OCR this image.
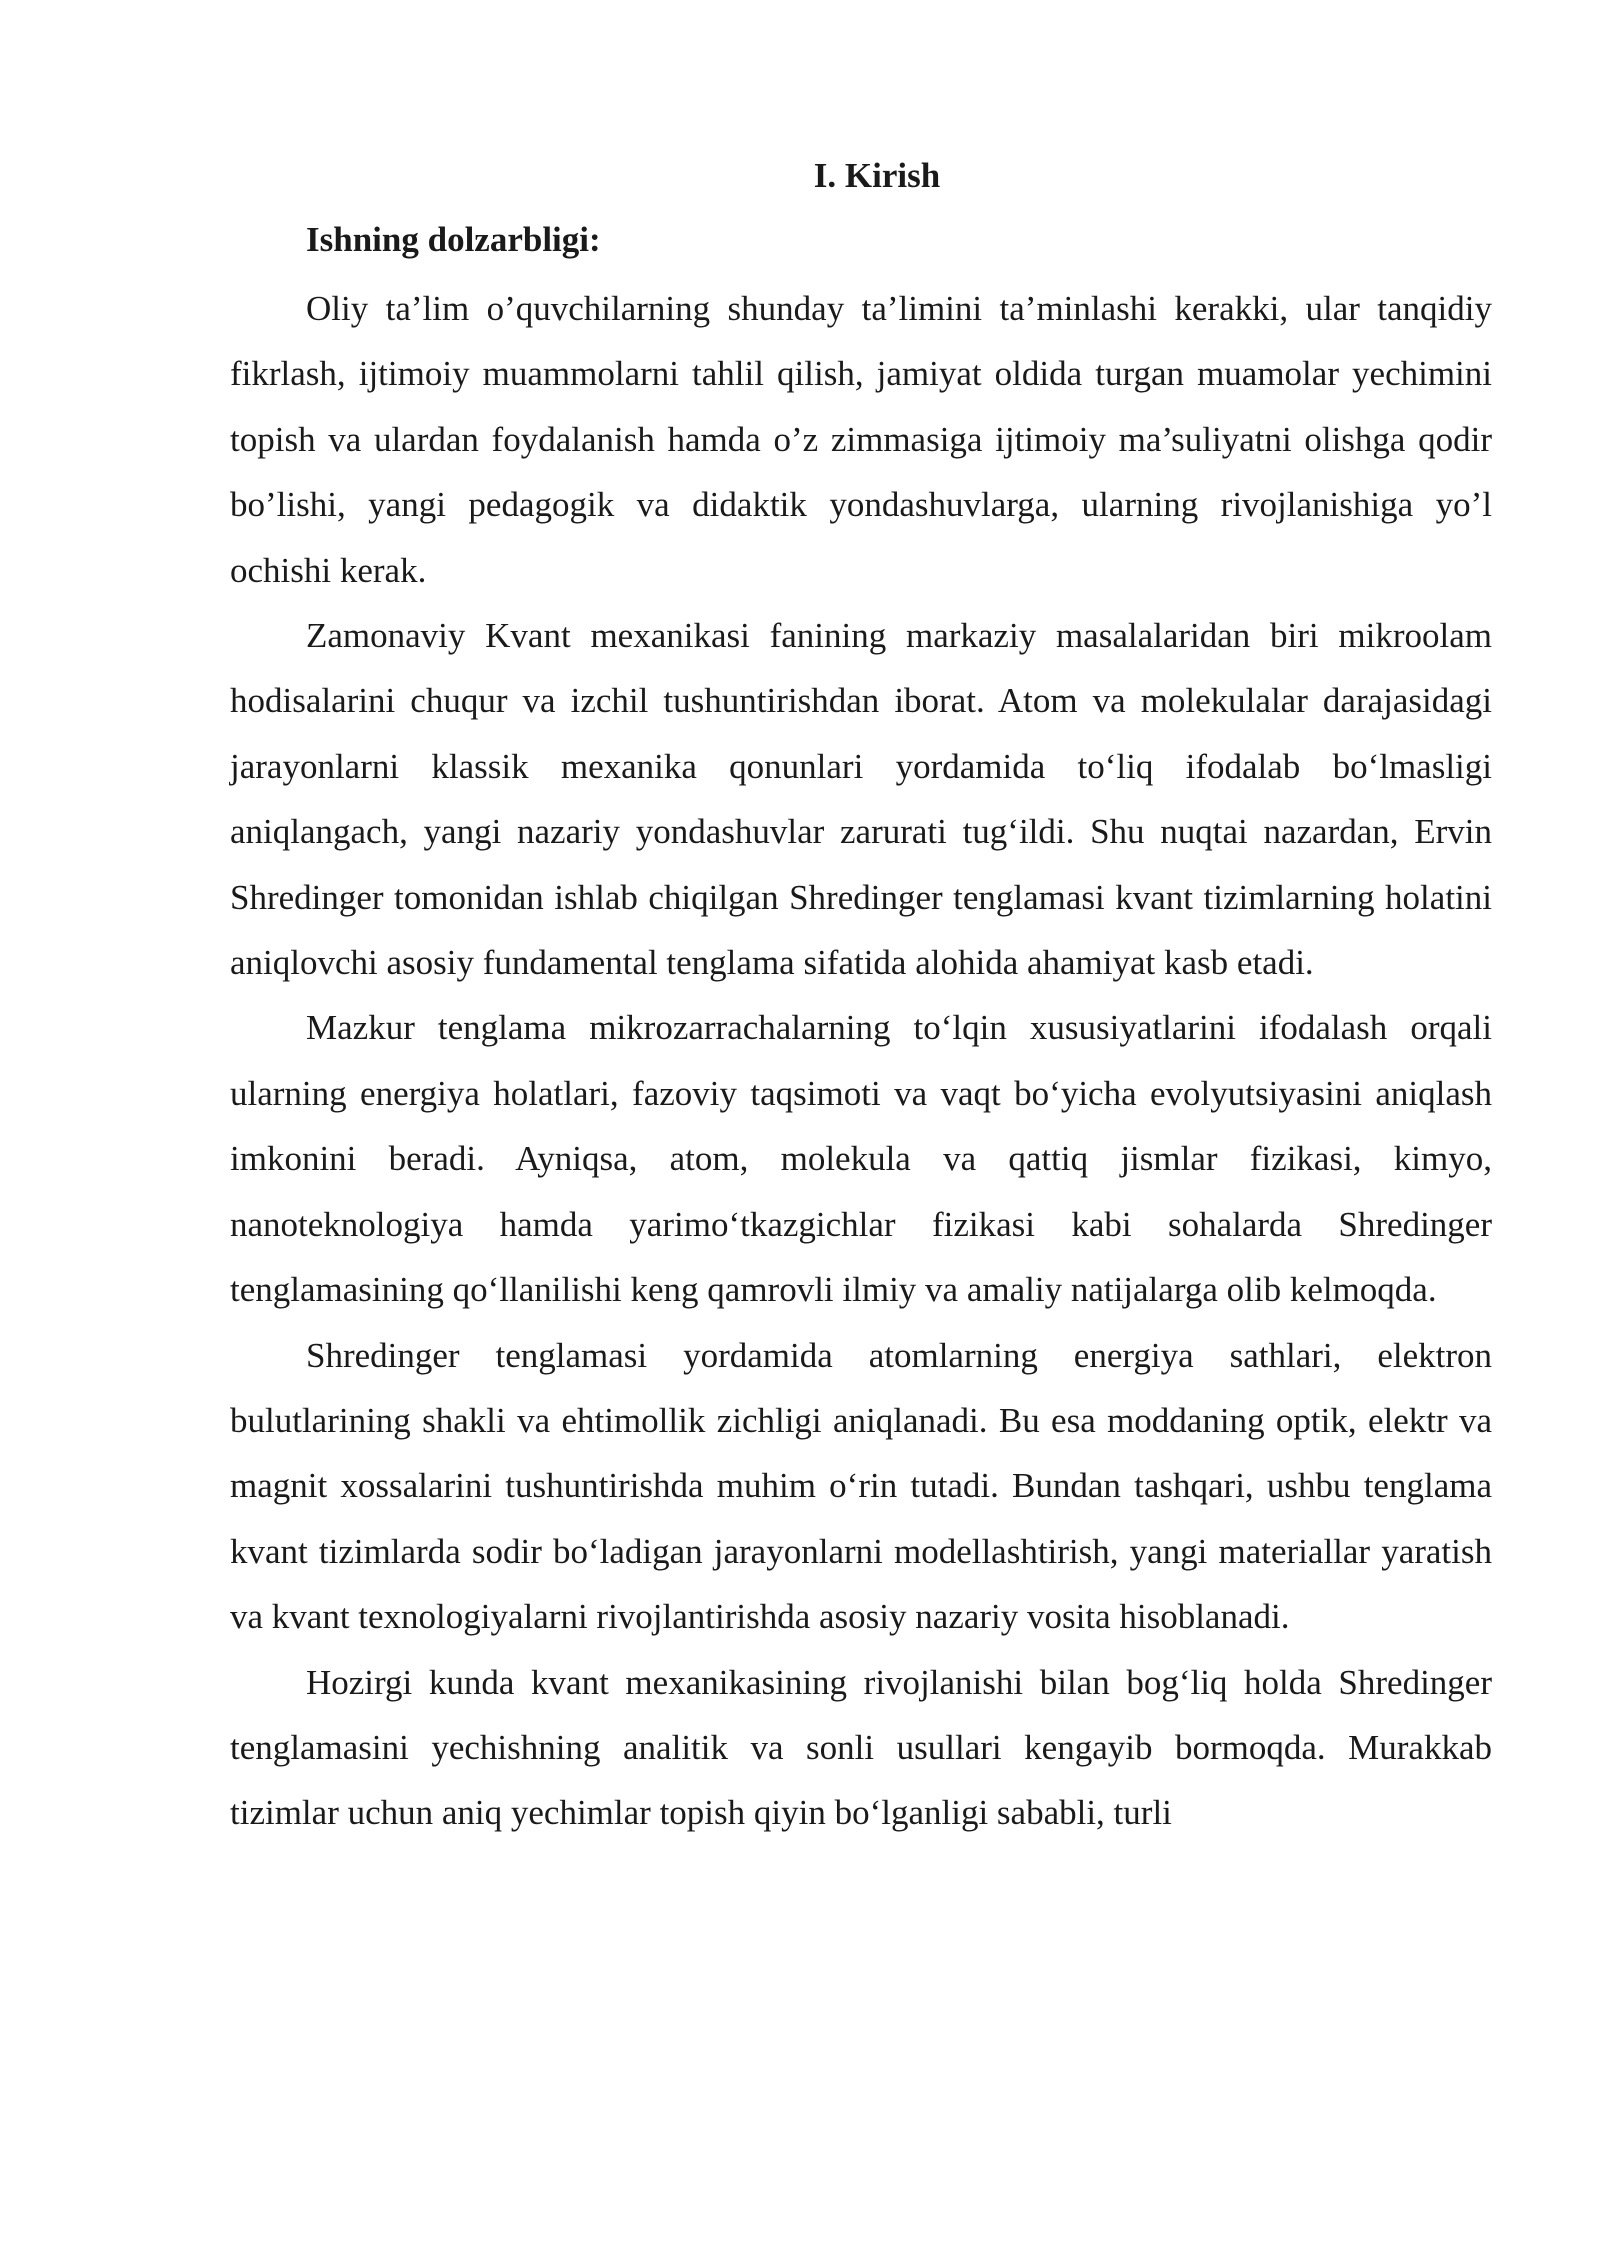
I. Kirish
Ishning dolzarbligi:

Oliy ta’lim o’quvchilarning shunday ta’limini ta’minlashi kerakki, ular tanqidiy fikrlash, ijtimoiy muammolarni tahlil qilish, jamiyat oldida turgan muamolar yechimini topish va ulardan foydalanish hamda o’z zimmasiga ijtimoiy ma’suliyatni olishga qodir bo’lishi, yangi pedagogik va didaktik yondashuvlarga, ularning rivojlanishiga yo’l ochishi kerak.

Zamonaviy Kvant mexanikasi fanining markaziy masalalaridan biri mikroolam hodisalarini chuqur va izchil tushuntirishdan iborat. Atom va molekulalar darajasidagi jarayonlarni klassik mexanika qonunlari yordamida to‘liq ifodalab bo‘lmasligi aniqlangach, yangi nazariy yondashuvlar zarurati tug‘ildi. Shu nuqtai nazardan, Ervin Shredinger tomonidan ishlab chiqilgan Shredinger tenglamasi kvant tizimlarning holatini aniqlovchi asosiy fundamental tenglama sifatida alohida ahamiyat kasb etadi.

Mazkur tenglama mikrozarrachalarning to‘lqin xususiyatlarini ifodalash orqali ularning energiya holatlari, fazoviy taqsimoti va vaqt bo‘yicha evolyutsiyasini aniqlash imkonini beradi. Ayniqsa, atom, molekula va qattiq jismlar fizikasi, kimyo, nanoteknologiya hamda yarimo‘tkazgichlar fizikasi kabi sohalarda Shredinger tenglamasining qo‘llanilishi keng qamrovli ilmiy va amaliy natijalarga olib kelmoqda.

Shredinger tenglamasi yordamida atomlarning energiya sathlari, elektron bulutlarining shakli va ehtimollik zichligi aniqlanadi. Bu esa moddaning optik, elektr va magnit xossalarini tushuntirishda muhim o‘rin tutadi. Bundan tashqari, ushbu tenglama kvant tizimlarda sodir bo‘ladigan jarayonlarni modellashtirish, yangi materiallar yaratish va kvant texnologiyalarni rivojlantirishda asosiy nazariy vosita hisoblanadi.

Hozirgi kunda kvant mexanikasining rivojlanishi bilan bog‘liq holda Shredinger tenglamasini yechishning analitik va sonli usullari kengayib bormoqda. Murakkab tizimlar uchun aniq yechimlar topish qiyin bo‘lganligi sababli, turli
